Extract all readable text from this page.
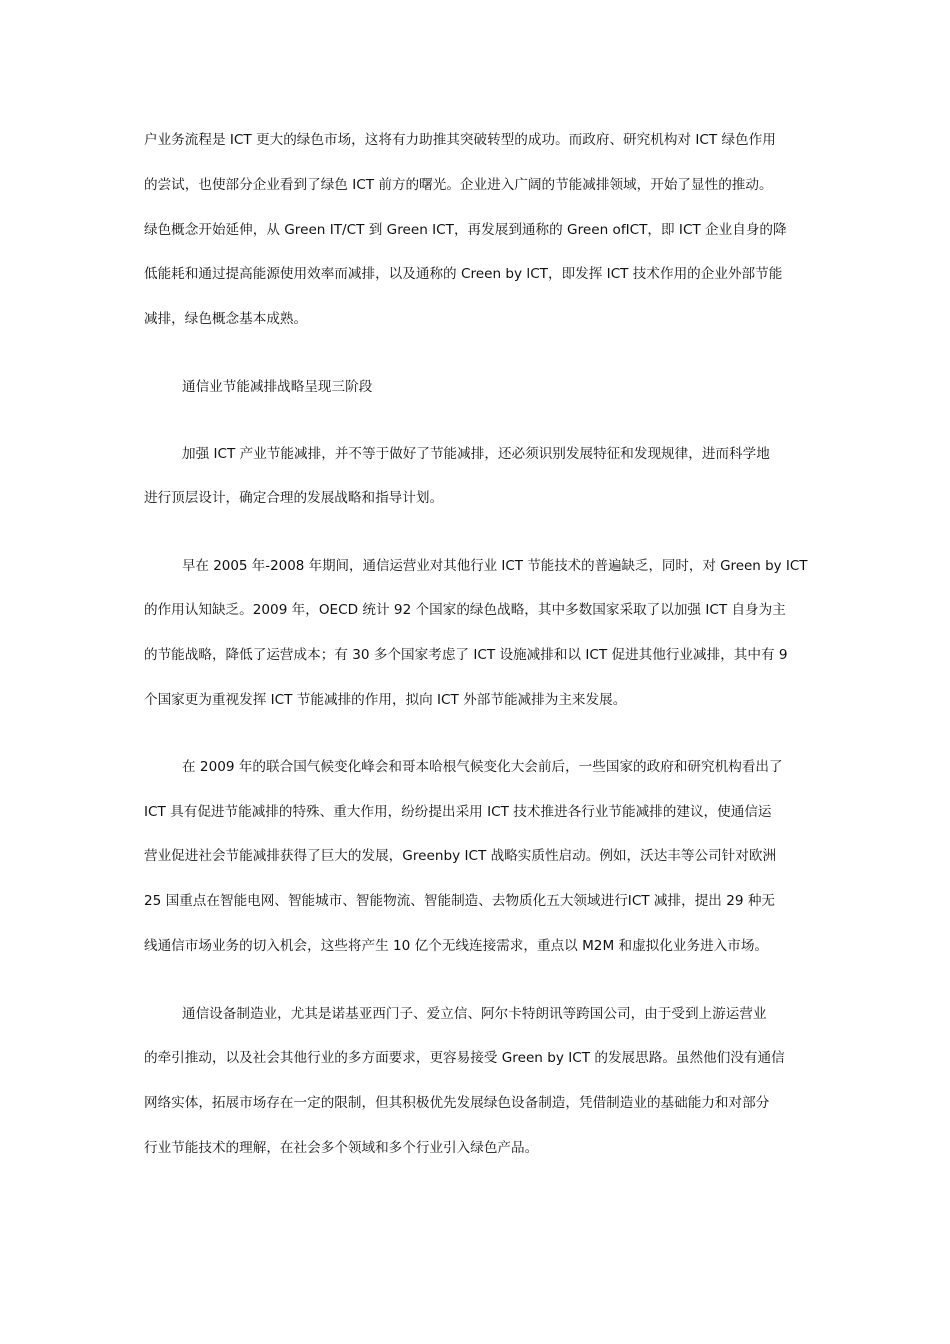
户业务流程是 ICT 更大的绿色市场，这将有力助推其突破转型的成功。而政府、研究机构对 ICT 绿色作用
的尝试，也使部分企业看到了绿色 ICT 前方的曙光。企业进入广阔的节能减排领域，开始了显性的推动。
绿色概念开始延伸，从 Green IT/CT 到 Green ICT，再发展到通称的 Green ofICT，即 ICT 企业自身的降
低能耗和通过提高能源使用效率而减排，以及通称的 Creen by lCT，即发挥 ICT 技术作用的企业外部节能
减排，绿色概念基本成熟。
通信业节能减排战略呈现三阶段
加强 ICT 产业节能减排，并不等于做好了节能减排，还必须识别发展特征和发现规律，进而科学地
进行顶层设计，确定合理的发展战略和指导计划。
早在 2005 年-2008 年期间，通信运营业对其他行业 ICT 节能技术的普遍缺乏，同时，对 Green by ICT
的作用认知缺乏。2009 年，OECD 统计 92 个国家的绿色战略，其中多数国家采取了以加强 ICT 自身为主
的节能战略，降低了运营成本；有 30 多个国家考虑了 ICT 设施减排和以 ICT 促进其他行业减排，其中有 9
个国家更为重视发挥 ICT 节能减排的作用，拟向 ICT 外部节能减排为主来发展。
在 2009 年的联合国气候变化峰会和哥本哈根气候变化大会前后，一些国家的政府和研究机构看出了
ICT 具有促进节能减排的特殊、重大作用，纷纷提出采用 ICT 技术推进各行业节能减排的建议，使通信运
营业促进社会节能减排获得了巨大的发展，Greenby ICT 战略实质性启动。例如，沃达丰等公司针对欧洲
25 国重点在智能电网、智能城市、智能物流、智能制造、去物质化五大领域进行ICT 减排，提出 29 种无
线通信市场业务的切入机会，这些将产生 10 亿个无线连接需求，重点以 M2M 和虚拟化业务进入市场。
通信设备制造业，尤其是诺基亚西门子、爱立信、阿尔卡特朗讯等跨国公司，由于受到上游运营业
的牵引推动，以及社会其他行业的多方面要求，更容易接受 Green by ICT 的发展思路。虽然他们没有通信
网络实体，拓展市场存在一定的限制，但其积极优先发展绿色设备制造，凭借制造业的基础能力和对部分
行业节能技术的理解，在社会多个领域和多个行业引入绿色产品。
